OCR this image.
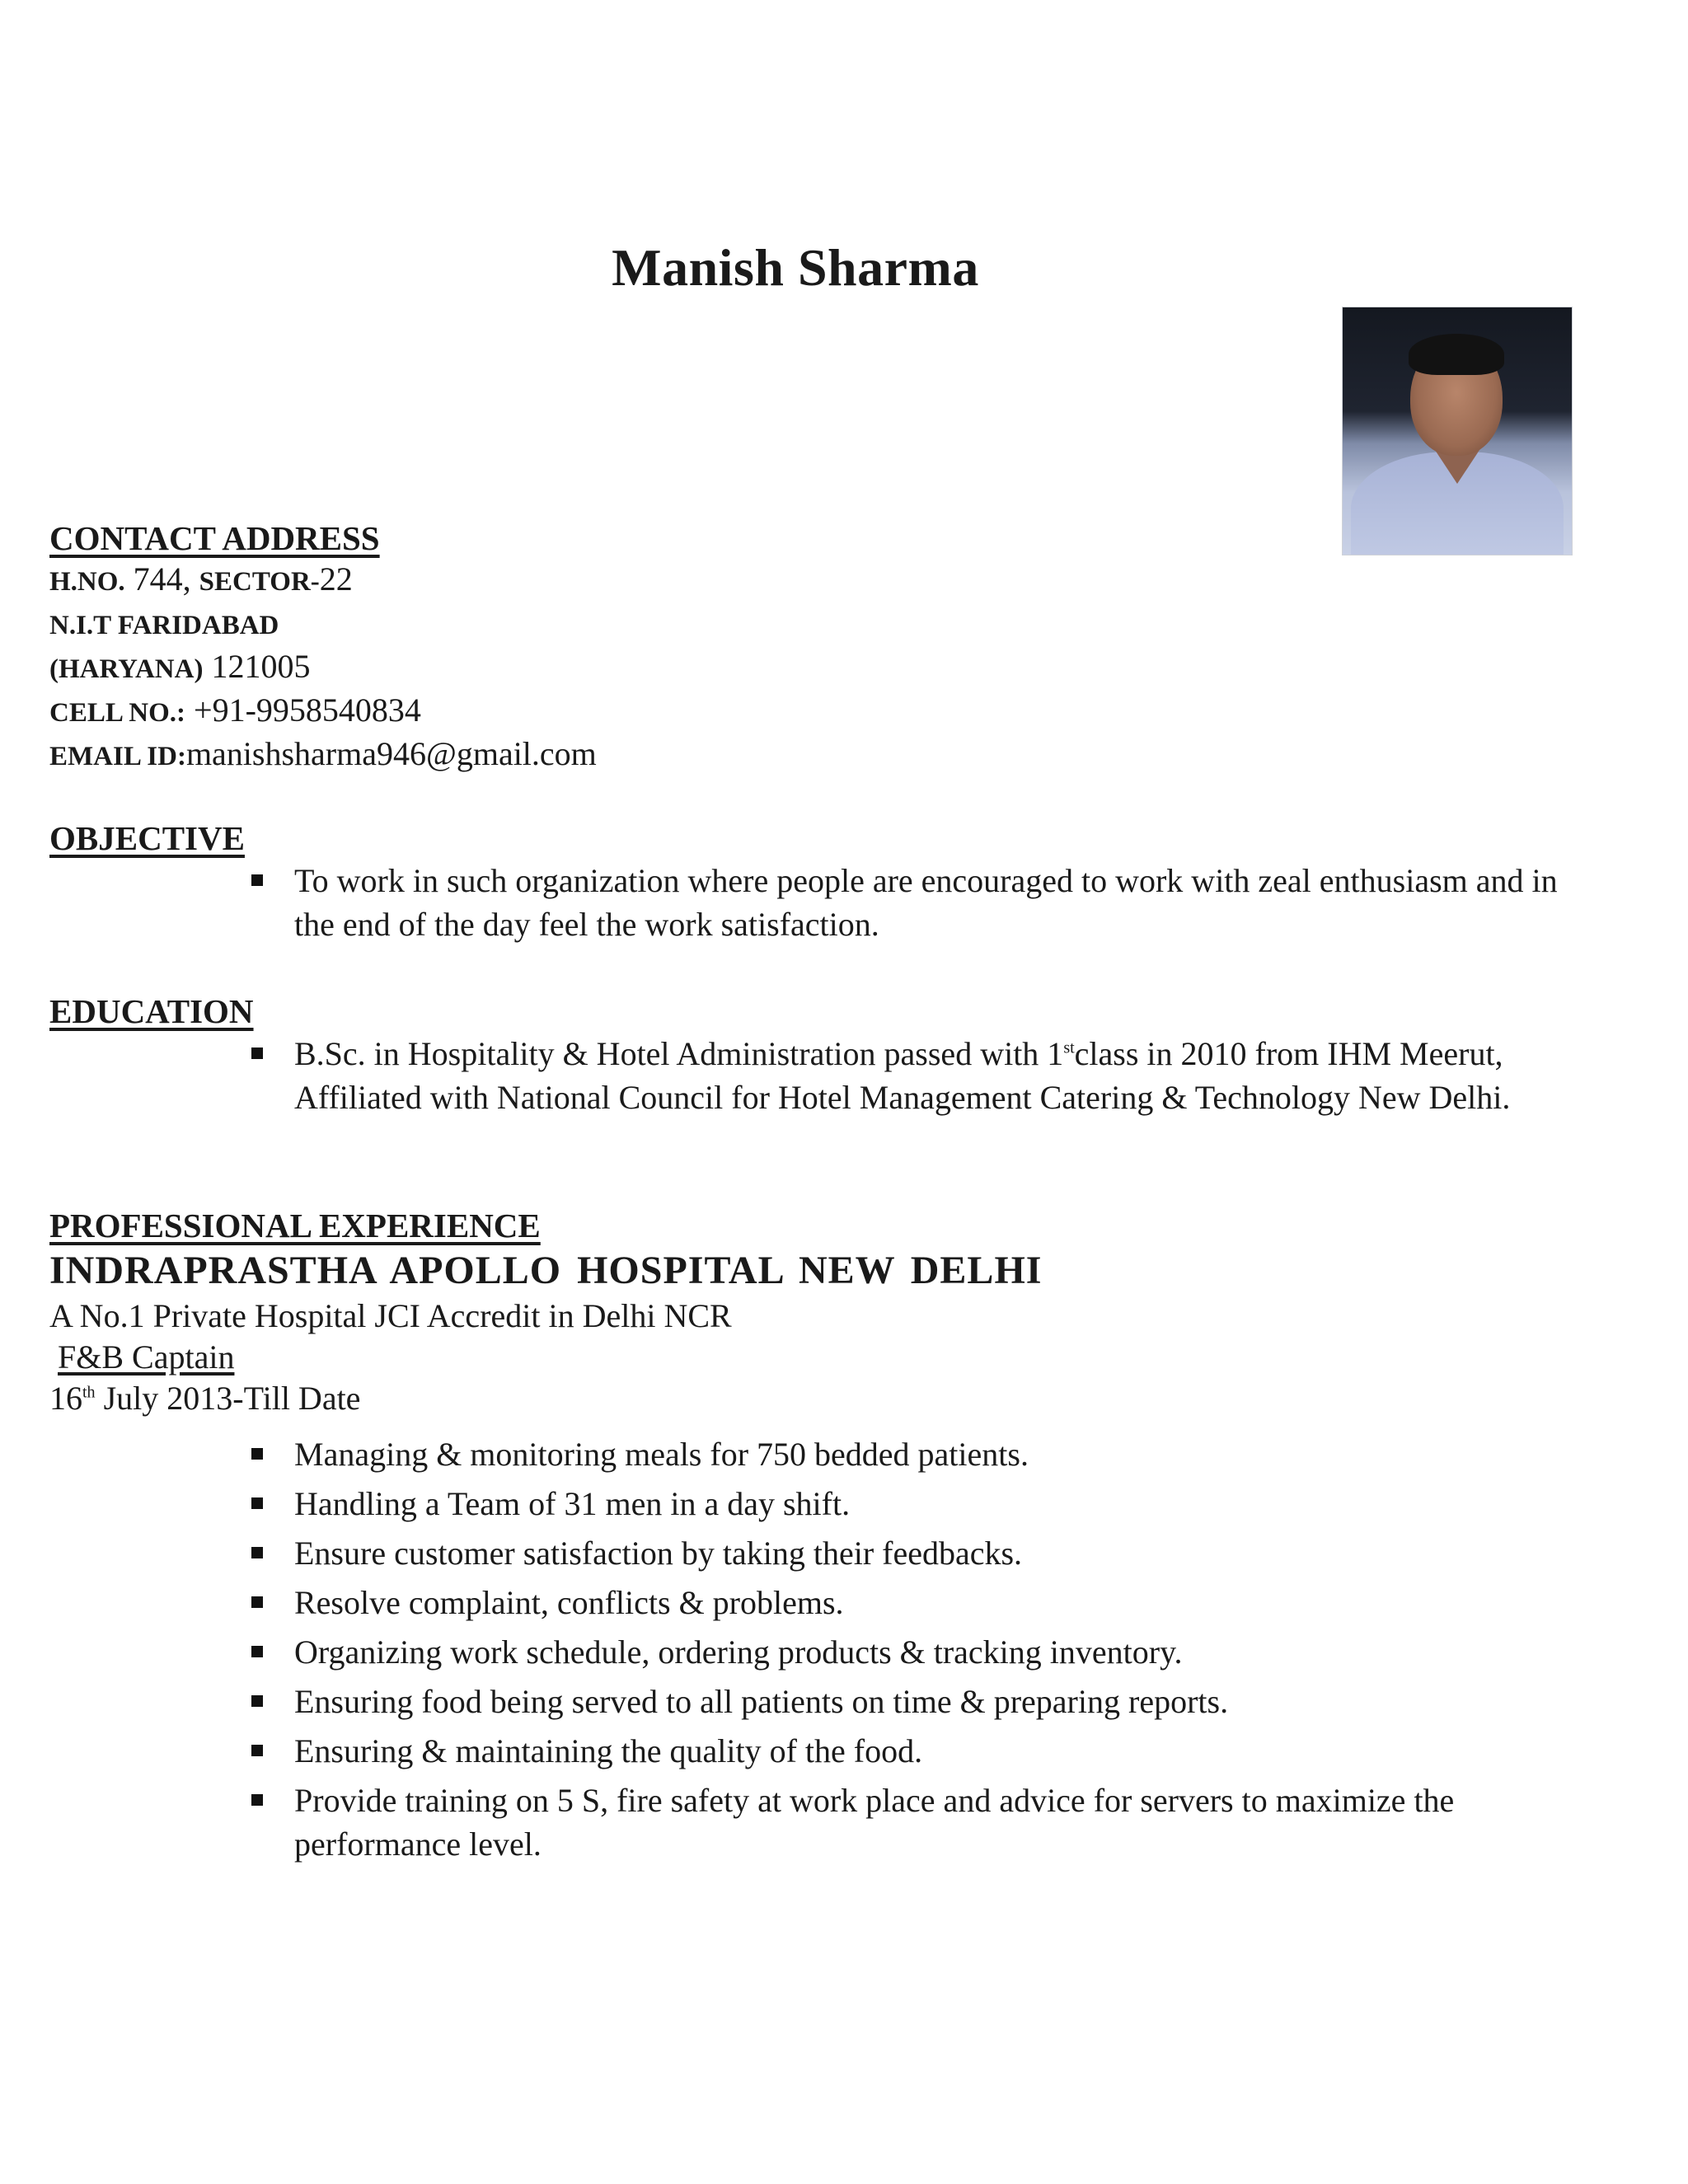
Manish Sharma
CONTACT ADDRESS
H.NO. 744, SECTOR-22
N.I.T FARIDABAD
(HARYANA) 121005
CELL NO.: +91-9958540834
EMAIL ID:manishsharma946@gmail.com
OBJECTIVE
To work in such organization where people are encouraged to work with zeal enthusiasm and in the end of the day feel the work satisfaction.
EDUCATION
B.Sc. in Hospitality & Hotel Administration passed with 1stclass in 2010 from IHM Meerut, Affiliated with National Council for Hotel Management Catering & Technology New Delhi.
PROFESSIONAL EXPERIENCE
INDRAPRASTHA APOLLO HOSPITAL NEW DELHI
A No.1 Private Hospital JCI Accredit in Delhi NCR
F&B Captain
16th July 2013-Till Date
Managing & monitoring meals for 750 bedded patients.
Handling a Team of 31 men in a day shift.
Ensure customer satisfaction by taking their feedbacks.
Resolve complaint, conflicts & problems.
Organizing work schedule, ordering products & tracking inventory.
Ensuring food being served to all patients on time & preparing reports.
Ensuring & maintaining the quality of the food.
Provide training on 5 S, fire safety at work place and advice for servers to maximize the performance level.
